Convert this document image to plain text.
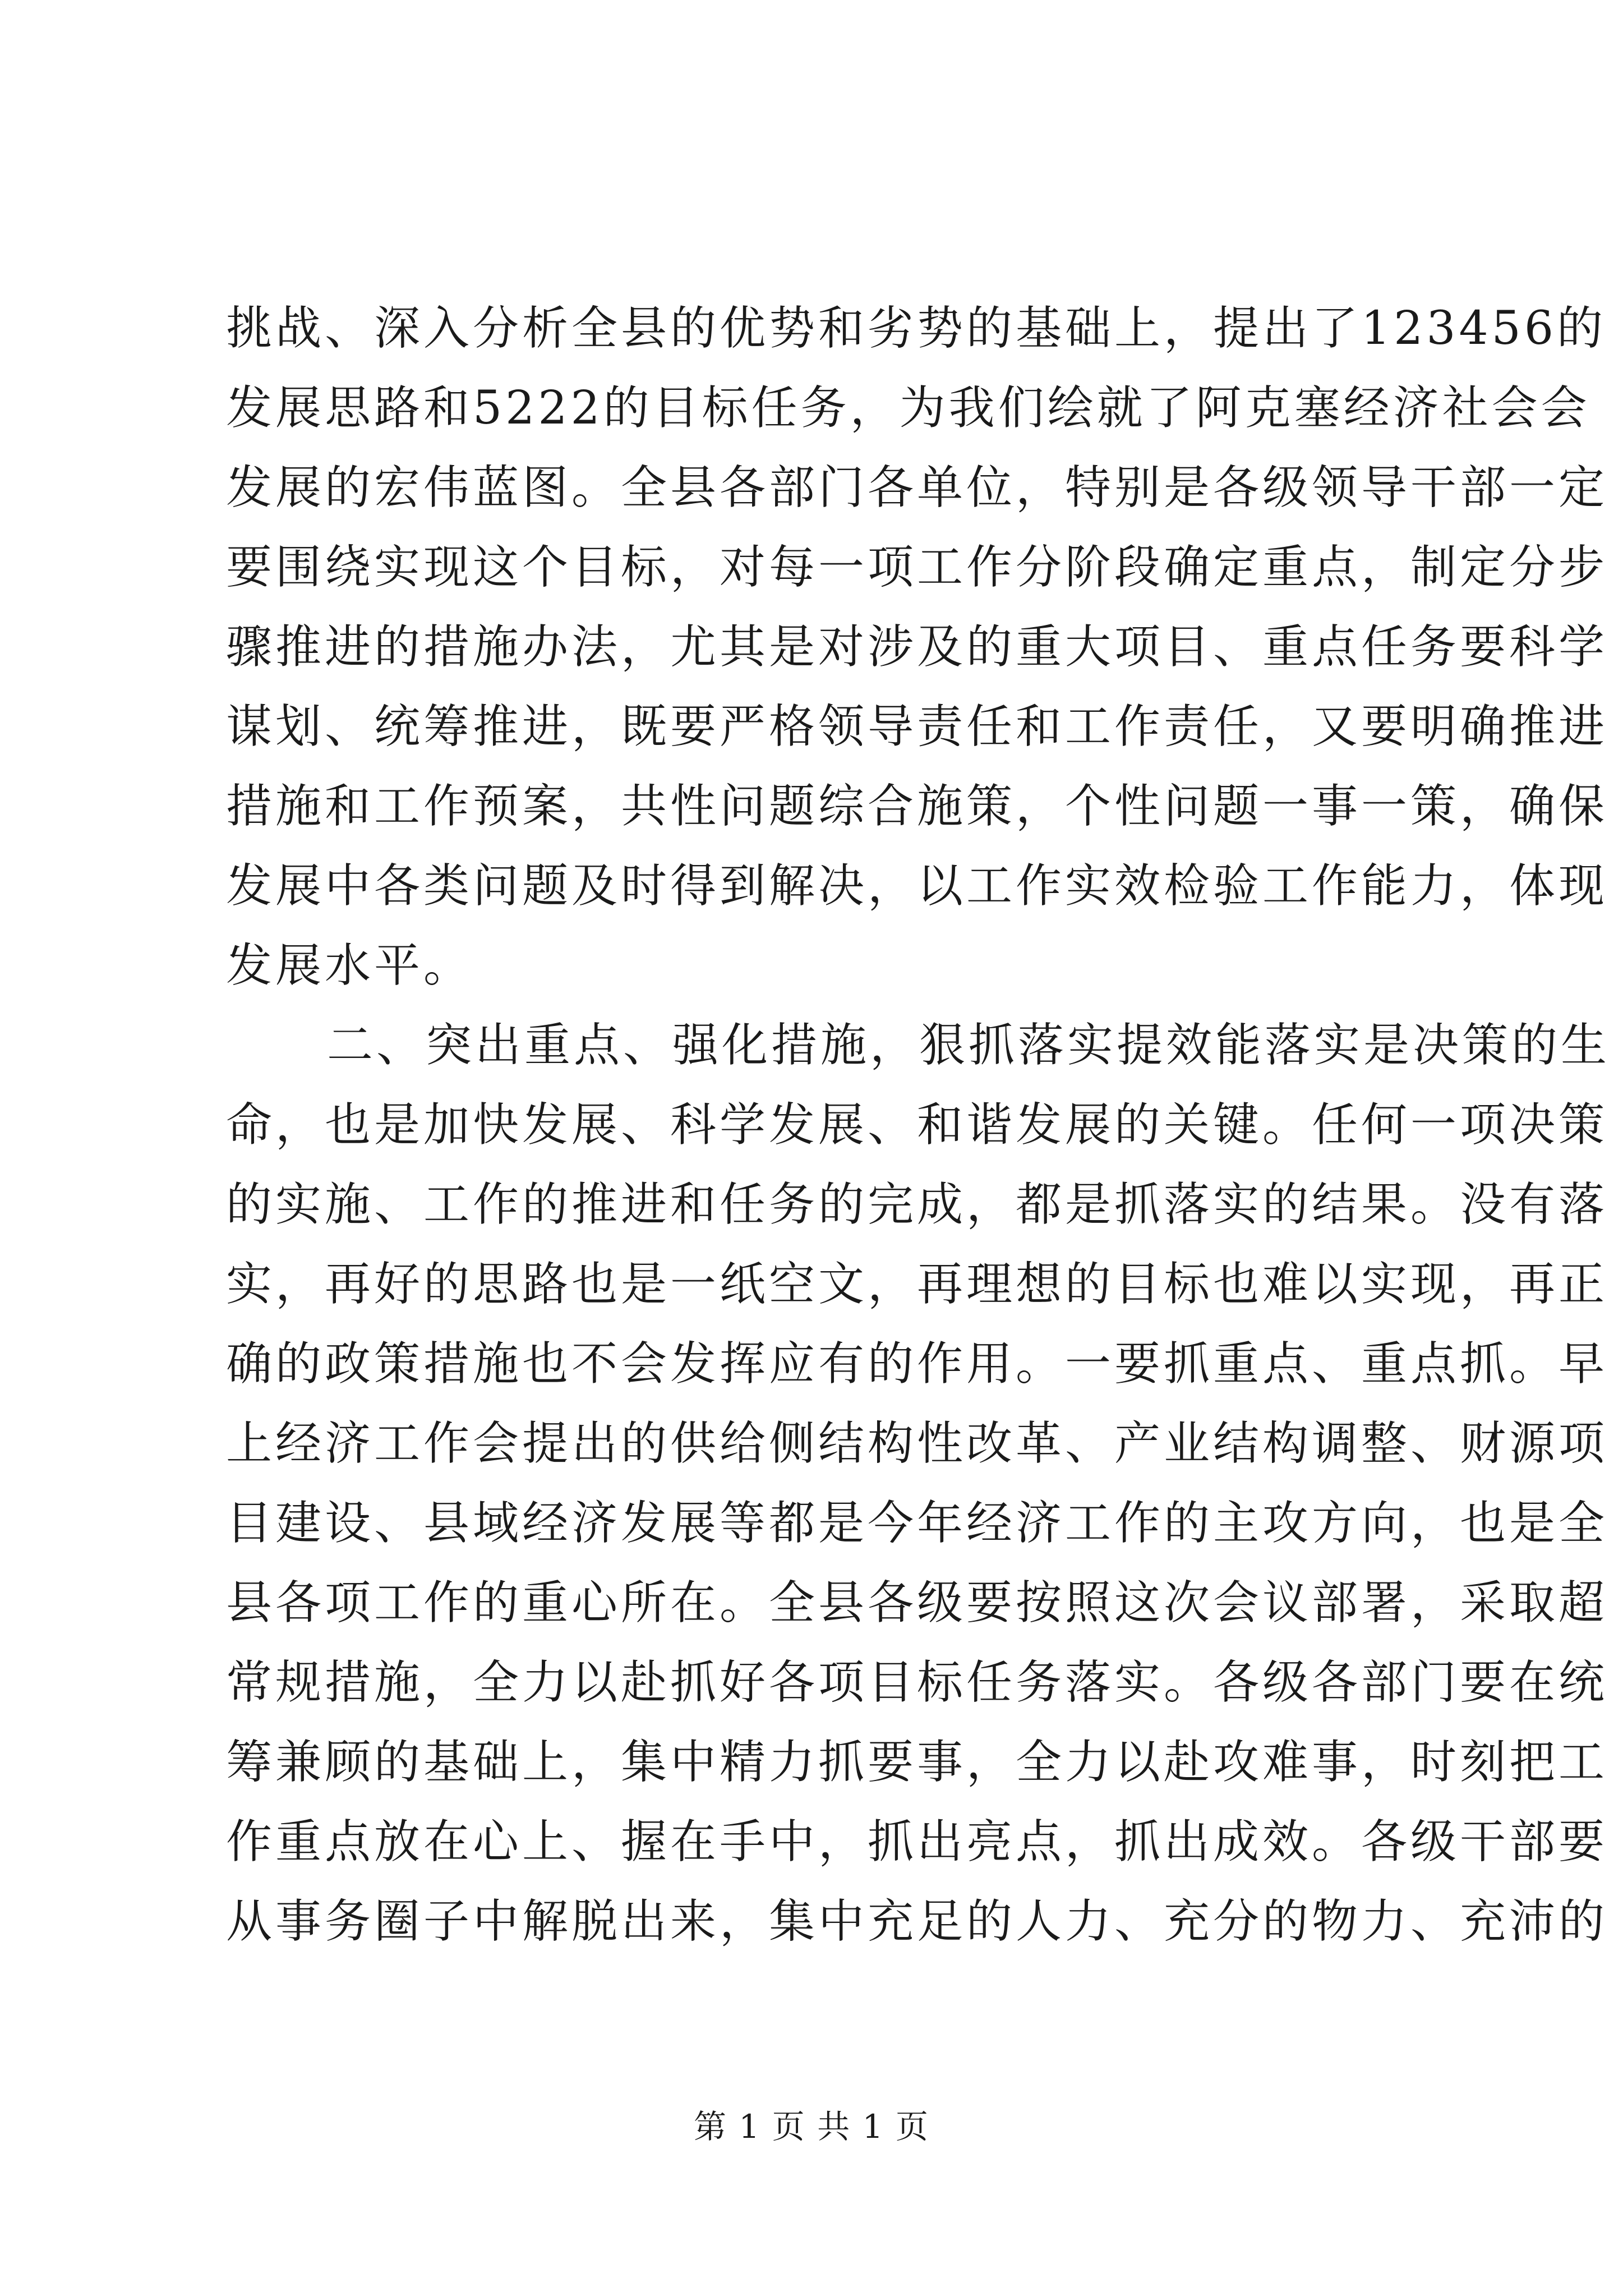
挑战、深入分析全县的优势和劣势的基础上，提出了123456的
发展思路和5222的目标任务，为我们绘就了阿克塞经济社会会
发展的宏伟蓝图。全县各部门各单位，特别是各级领导干部一定
要围绕实现这个目标，对每一项工作分阶段确定重点，制定分步
骤推进的措施办法，尤其是对涉及的重大项目、重点任务要科学
谋划、统筹推进，既要严格领导责任和工作责任，又要明确推进
措施和工作预案，共性问题综合施策，个性问题一事一策，确保
发展中各类问题及时得到解决，以工作实效检验工作能力，体现
发展水平。
二、突出重点、强化措施，狠抓落实提效能落实是决策的生
命，也是加快发展、科学发展、和谐发展的关键。任何一项决策
的实施、工作的推进和任务的完成，都是抓落实的结果。没有落
实，再好的思路也是一纸空文，再理想的目标也难以实现，再正
确的政策措施也不会发挥应有的作用。一要抓重点、重点抓。早
上经济工作会提出的供给侧结构性改革、产业结构调整、财源项
目建设、县域经济发展等都是今年经济工作的主攻方向，也是全
县各项工作的重心所在。全县各级要按照这次会议部署，采取超
常规措施，全力以赴抓好各项目标任务落实。各级各部门要在统
筹兼顾的基础上，集中精力抓要事，全力以赴攻难事，时刻把工
作重点放在心上、握在手中，抓出亮点，抓出成效。各级干部要
从事务圈子中解脱出来，集中充足的人力、充分的物力、充沛的
第 1 页 共 1 页
